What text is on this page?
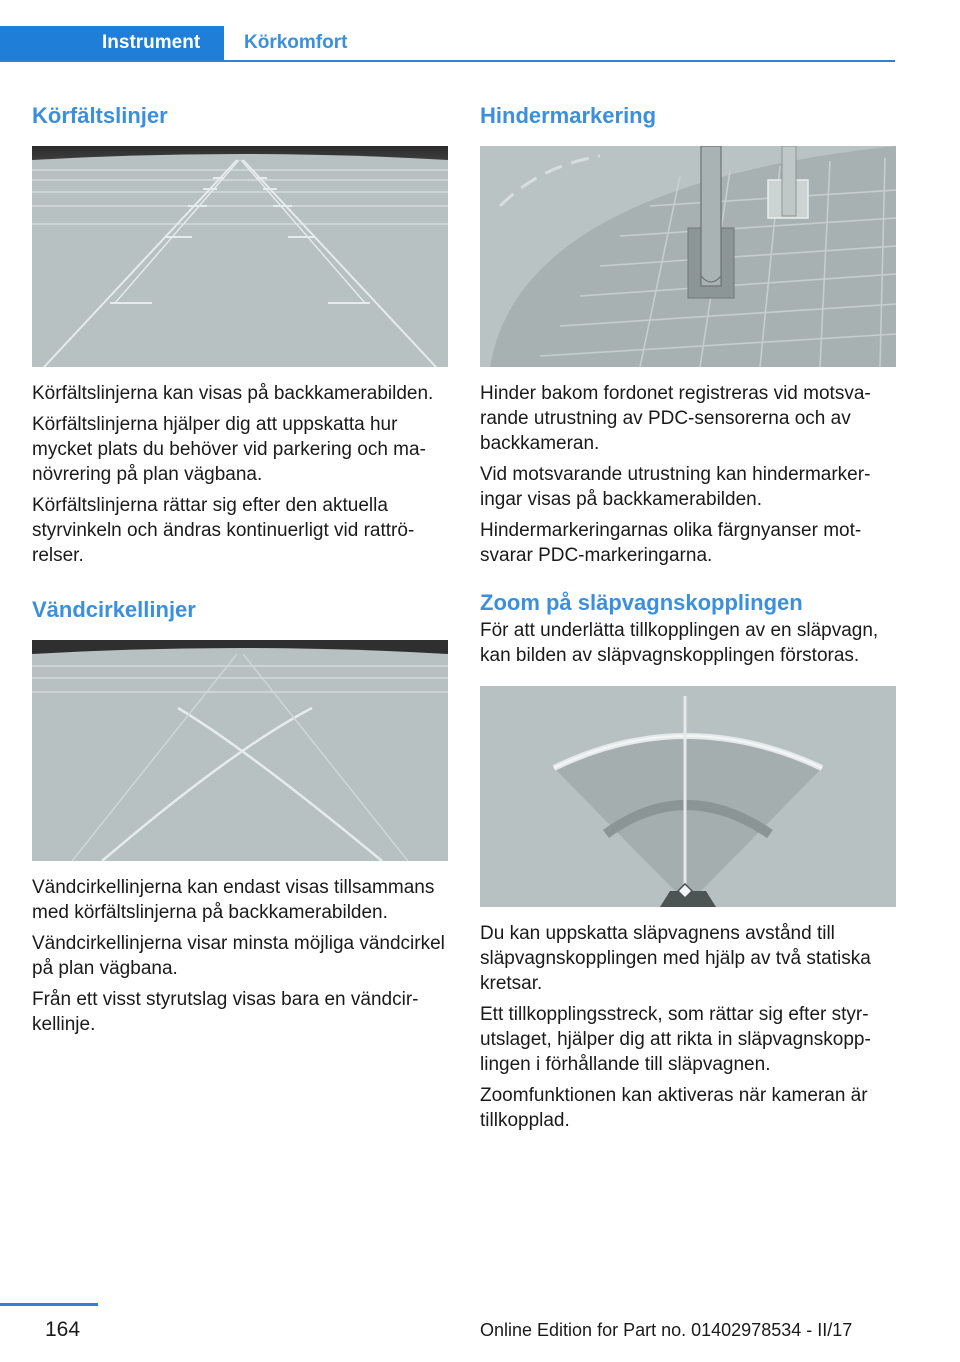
Instrument	Körkomfort
Körfältslinjer

Körfältslinjerna kan visas på backkamerabilden.

Körfältslinjerna hjälper dig att uppskatta hur mycket plats du behöver vid parkering och manövrering på plan vägbana.

Körfältslinjerna rättar sig efter den aktuella styrvinkeln och ändras kontinuerligt vid rattrörelser.

Vändcirkellinjer

Vändcirkellinjerna kan endast visas tillsammans med körfältslinjerna på backkamerabilden.

Vändcirkellinjerna visar minsta möjliga vändcirkel på plan vägbana.

Från ett visst styrutslag visas bara en vändcirkellinje.

Hindermarkering

Hinder bakom fordonet registreras vid motsvarande utrustning av PDC-sensorerna och av backkameran.

Vid motsvarande utrustning kan hindermarkeringar visas på backkamerabilden.

Hindermarkeringarnas olika färgnyanser motsvarar PDC-markeringarna.

Zoom på släpvagnskopplingen

För att underlätta tillkopplingen av en släpvagn, kan bilden av släpvagnskopplingen förstoras.

Du kan uppskatta släpvagnens avstånd till släpvagnskopplingen med hjälp av två statiska kretsar.

Ett tillkopplingsstreck, som rättar sig efter styrutslaget, hjälper dig att rikta in släpvagnskopplingen i förhållande till släpvagnen.

Zoomfunktionen kan aktiveras när kameran är tillkopplad.

164	Online Edition for Part no. 01402978534 - II/17
